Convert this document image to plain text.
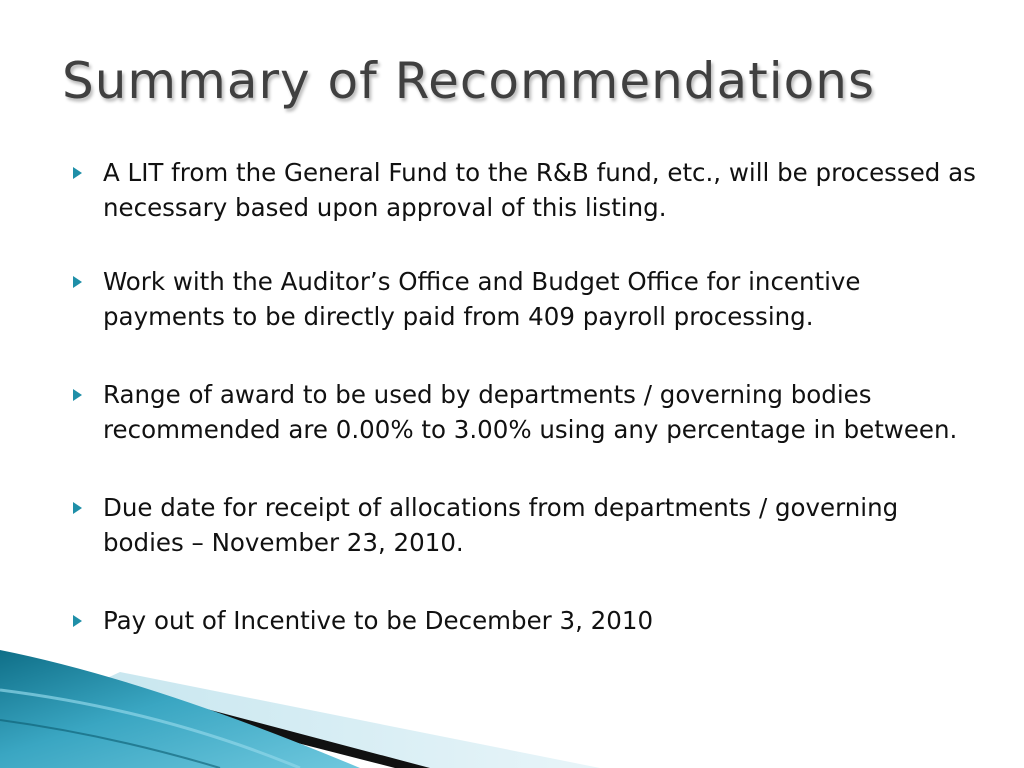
Summary of Recommendations
A LIT from the General Fund to the R&B fund, etc., will be processed as necessary based upon approval of this listing.
Work with the Auditor’s Office and Budget Office for incentive payments to be directly paid from 409 payroll processing.
Range of award to be used by departments / governing bodies recommended are 0.00% to 3.00% using any percentage in between.
Due date for receipt of allocations from departments / governing bodies – November 23, 2010.
Pay out of Incentive to be December 3, 2010
